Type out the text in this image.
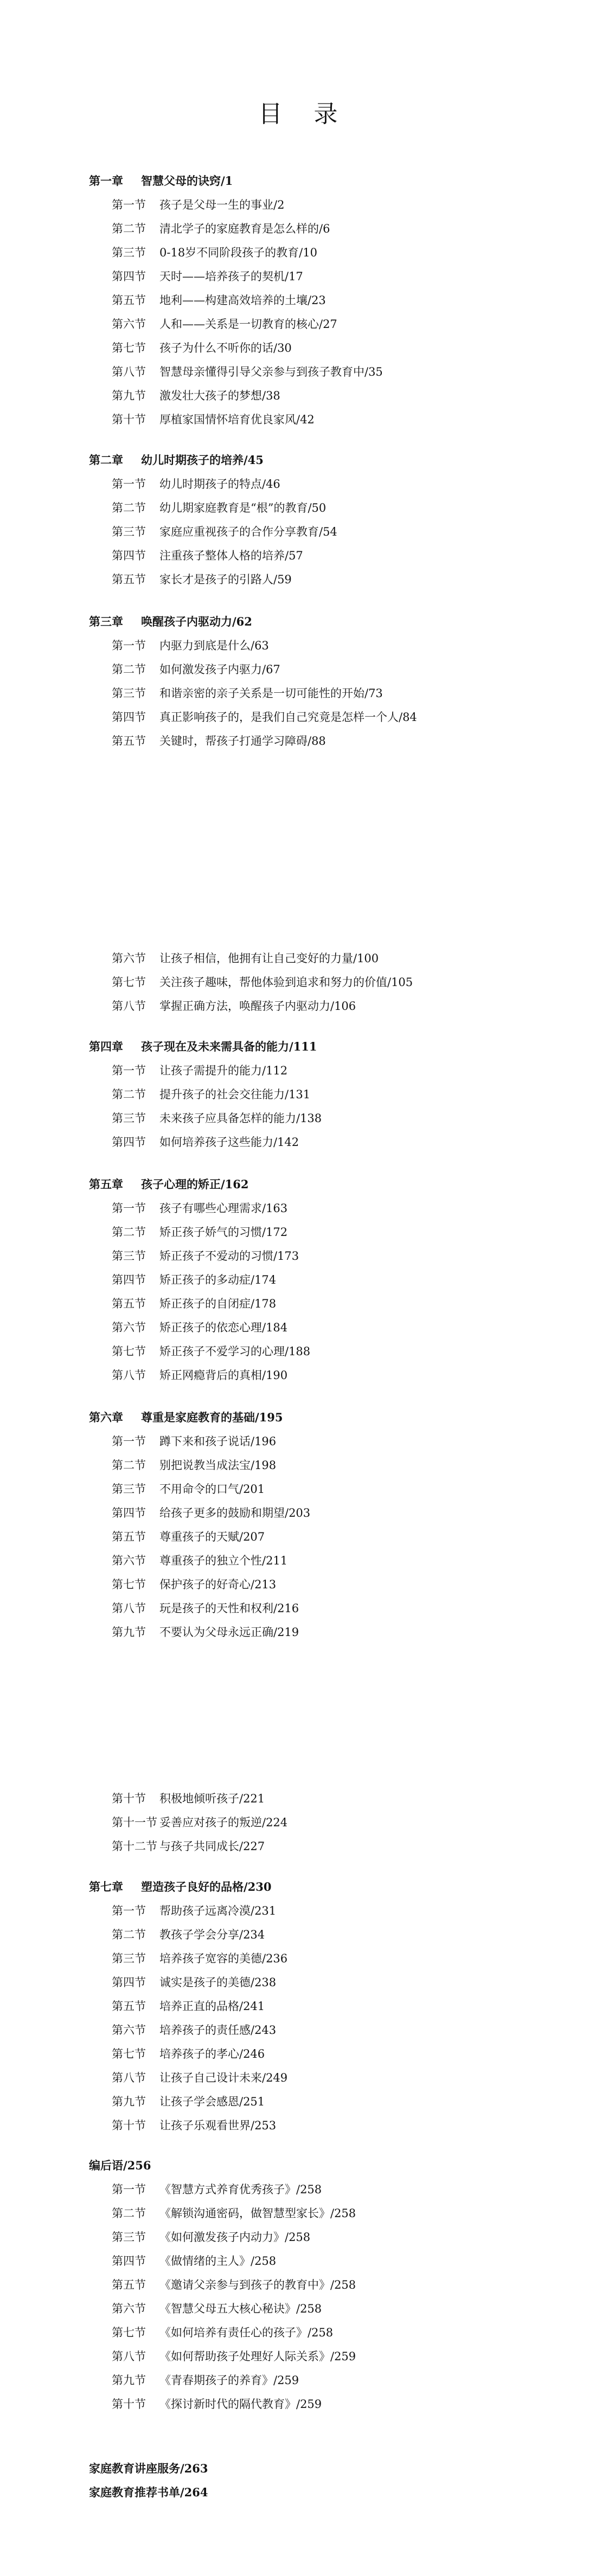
目 录
第一章 智慧父母的诀窍/1
第一节 孩子是父母一生的事业/2
第二节 清北学子的家庭教育是怎么样的/6
第三节 0-18岁不同阶段孩子的教育/10
第四节 天时——培养孩子的契机/17
第五节 地利——构建高效培养的土壤/23
第六节 人和——关系是一切教育的核心/27
第七节 孩子为什么不听你的话/30
第八节 智慧母亲懂得引导父亲参与到孩子教育中/35
第九节 激发壮大孩子的梦想/38
第十节 厚植家国情怀培育优良家风/42
第二章 幼儿时期孩子的培养/45
第一节 幼儿时期孩子的特点/46
第二节 幼儿期家庭教育是“根”的教育/50
第三节 家庭应重视孩子的合作分享教育/54
第四节 注重孩子整体人格的培养/57
第五节 家长才是孩子的引路人/59
第三章 唤醒孩子内驱动力/62
第一节 内驱力到底是什么/63
第二节 如何激发孩子内驱力/67
第三节 和谐亲密的亲子关系是一切可能性的开始/73
第四节 真正影响孩子的，是我们自己究竟是怎样一个人/84
第五节 关键时，帮孩子打通学习障碍/88
第六节 让孩子相信，他拥有让自己变好的力量/100
第七节 关注孩子趣味，帮他体验到追求和努力的价值/105
第八节 掌握正确方法，唤醒孩子内驱动力/106
第四章 孩子现在及未来需具备的能力/111
第一节 让孩子需提升的能力/112
第二节 提升孩子的社会交往能力/131
第三节 未来孩子应具备怎样的能力/138
第四节 如何培养孩子这些能力/142
第五章 孩子心理的矫正/162
第一节 孩子有哪些心理需求/163
第二节 矫正孩子娇气的习惯/172
第三节 矫正孩子不爱动的习惯/173
第四节 矫正孩子的多动症/174
第五节 矫正孩子的自闭症/178
第六节 矫正孩子的依恋心理/184
第七节 矫正孩子不爱学习的心理/188
第八节 矫正网瘾背后的真相/190
第六章 尊重是家庭教育的基础/195
第一节 蹲下来和孩子说话/196
第二节 别把说教当成法宝/198
第三节 不用命令的口气/201
第四节 给孩子更多的鼓励和期望/203
第五节 尊重孩子的天赋/207
第六节 尊重孩子的独立个性/211
第七节 保护孩子的好奇心/213
第八节 玩是孩子的天性和权利/216
第九节 不要认为父母永远正确/219
第十节 积极地倾听孩子/221
第十一节 妥善应对孩子的叛逆/224
第十二节 与孩子共同成长/227
第七章 塑造孩子良好的品格/230
第一节 帮助孩子远离冷漠/231
第二节 教孩子学会分享/234
第三节 培养孩子宽容的美德/236
第四节 诚实是孩子的美德/238
第五节 培养正直的品格/241
第六节 培养孩子的责任感/243
第七节 培养孩子的孝心/246
第八节 让孩子自己设计未来/249
第九节 让孩子学会感恩/251
第十节 让孩子乐观看世界/253
编后语/256
第一节 《智慧方式养育优秀孩子》/258
第二节 《解锁沟通密码，做智慧型家长》/258
第三节 《如何激发孩子内动力》/258
第四节 《做情绪的主人》/258
第五节 《邀请父亲参与到孩子的教育中》/258
第六节 《智慧父母五大核心秘诀》/258
第七节 《如何培养有责任心的孩子》/258
第八节 《如何帮助孩子处理好人际关系》/259
第九节 《青春期孩子的养育》/259
第十节 《探讨新时代的隔代教育》/259
家庭教育讲座服务/263
家庭教育推荐书单/264
